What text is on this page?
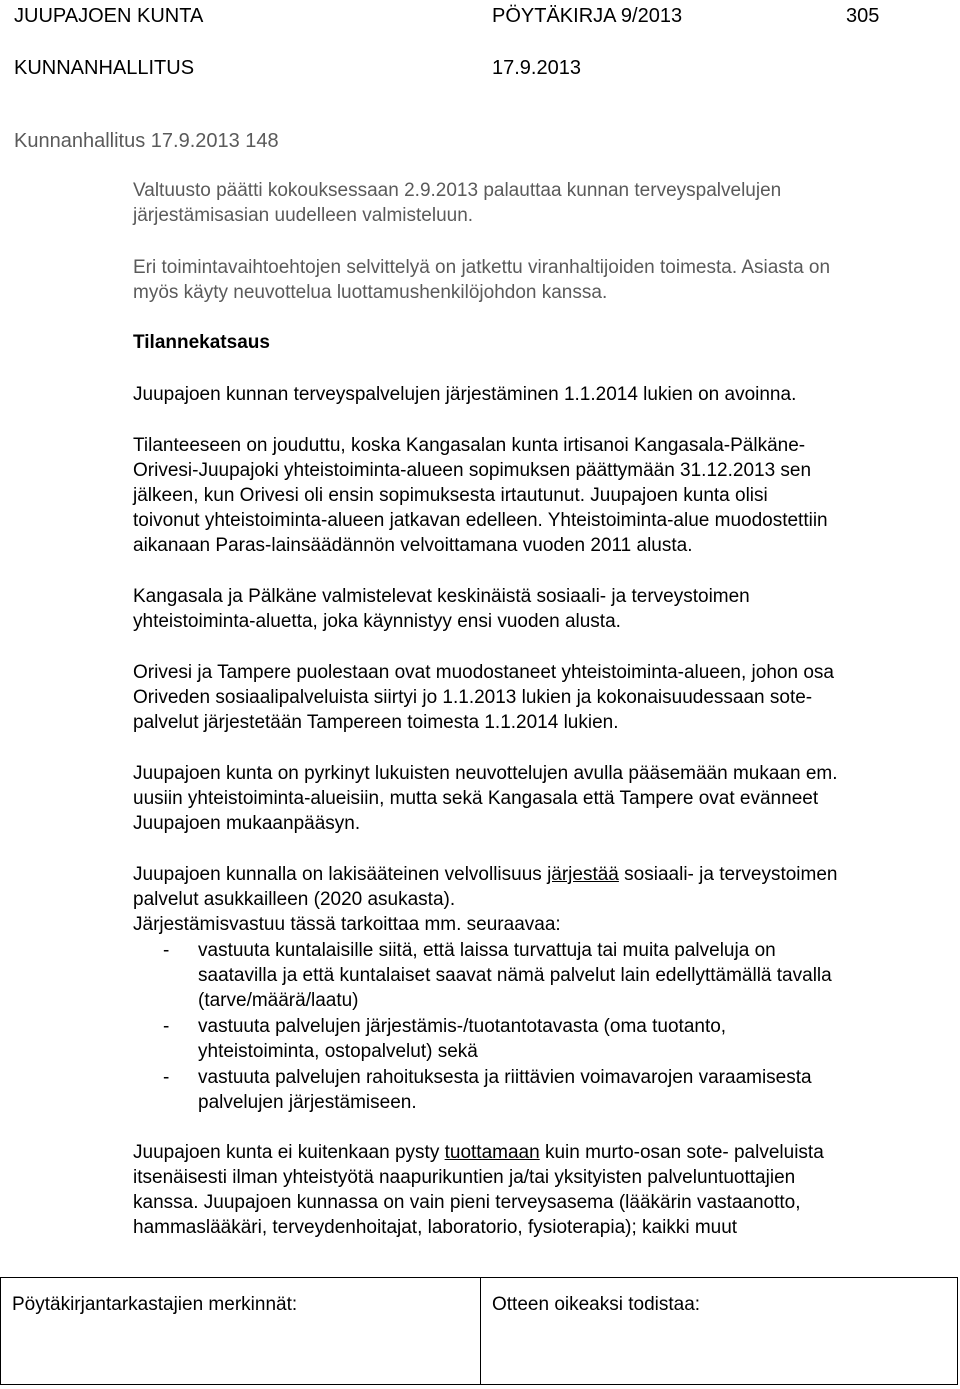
JUUPAJOEN KUNTA	PÖYTÄKIRJA 9/2013	305
KUNNANHALLITUS	17.9.2013
Kunnanhallitus 17.9.2013 148
Valtuusto päätti kokouksessaan 2.9.2013 palauttaa kunnan terveyspalvelujen
järjestämisasian uudelleen valmisteluun.
Eri toimintavaihtoehtojen selvittelyä on jatkettu viranhaltijoiden toimesta. Asiasta on
myös käyty neuvottelua luottamushenkilöjohdon kanssa.
Tilannekatsaus
Juupajoen kunnan terveyspalvelujen järjestäminen 1.1.2014 lukien on avoinna.
Tilanteeseen on jouduttu, koska Kangasalan kunta irtisanoi Kangasala-Pälkäne-
Orivesi-Juupajoki yhteistoiminta-alueen sopimuksen päättymään 31.12.2013 sen
jälkeen, kun Orivesi oli ensin sopimuksesta irtautunut. Juupajoen kunta olisi
toivonut yhteistoiminta-alueen jatkavan edelleen. Yhteistoiminta-alue muodostettiin
aikanaan Paras-lainsäädännön velvoittamana vuoden 2011 alusta.
Kangasala ja Pälkäne valmistelevat keskinäistä sosiaali- ja terveystoimen
yhteistoiminta-aluetta, joka käynnistyy ensi vuoden alusta.
Orivesi ja Tampere puolestaan ovat muodostaneet yhteistoiminta-alueen, johon osa
Oriveden sosiaalipalveluista siirtyi jo 1.1.2013 lukien ja kokonaisuudessaan sote-
palvelut järjestetään Tampereen toimesta 1.1.2014 lukien.
Juupajoen kunta on pyrkinyt lukuisten neuvottelujen avulla pääsemään mukaan em.
uusiin yhteistoiminta-alueisiin, mutta sekä Kangasala että Tampere ovat evänneet
Juupajoen mukaanpääsyn.
Juupajoen kunnalla on lakisääteinen velvollisuus järjestää sosiaali- ja terveystoimen
palvelut asukkailleen (2020 asukasta).
Järjestämisvastuu tässä tarkoittaa mm. seuraavaa:
- vastuuta kuntalaisille siitä, että laissa turvattuja tai muita palveluja on
saatavilla ja että kuntalaiset saavat nämä palvelut lain edellyttämällä tavalla
(tarve/määrä/laatu)
- vastuuta palvelujen järjestämis-/tuotantotavasta (oma tuotanto,
yhteistoiminta, ostopalvelut) sekä
- vastuuta palvelujen rahoituksesta ja riittävien voimavarojen varaamisesta
palvelujen järjestämiseen.
Juupajoen kunta ei kuitenkaan pysty tuottamaan kuin murto-osan sote- palveluista
itsenäisesti ilman yhteistyötä naapurikuntien ja/tai yksityisten palveluntuottajien
kanssa. Juupajoen kunnassa on vain pieni terveysasema (lääkärin vastaanotto,
hammaslääkäri, terveydenhoitajat, laboratorio, fysioterapia); kaikki muut
Pöytäkirjantarkastajien merkinnät:	Otteen oikeaksi todistaa:
